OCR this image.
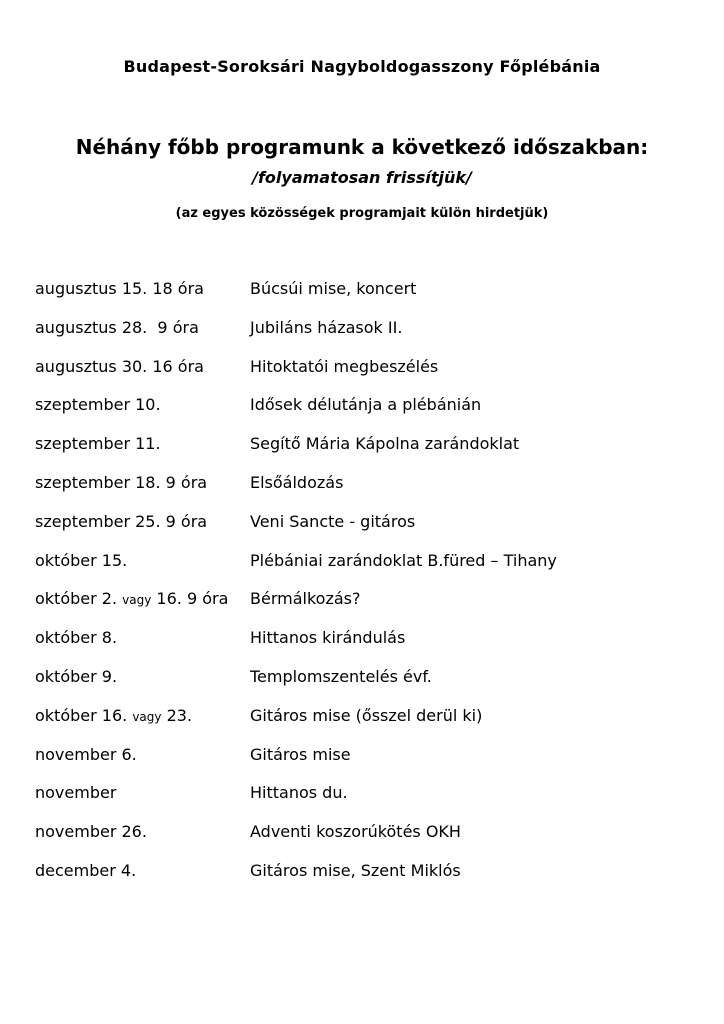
Budapest-Soroksári Nagyboldogasszony Főplébánia
Néhány főbb programunk a következő időszakban:
/folyamatosan frissítjük/
(az egyes közösségek programjait külön hirdetjük)
augusztus 15. 18 óra	Búcsúi mise, koncert
augusztus 28.  9 óra	Jubiláns házasok II.
augusztus 30. 16 óra	Hitoktatói megbeszélés
szeptember 10.	Idősek délutánja a plébánián
szeptember 11.	Segítő Mária Kápolna zarándoklat
szeptember 18. 9 óra	Elsőáldozás
szeptember 25. 9 óra	Veni Sancte - gitáros
október 15.	Plébániai zarándoklat B.füred – Tihany
október 2. vagy 16. 9 óra Bérmálkozás?
október 8.	Hittanos kirándulás
október 9.	Templomszentelés évf.
október 16. vagy 23.	Gitáros mise (ősszel derül ki)
november 6.	Gitáros mise
november	Hittanos du.
november 26.	Adventi koszorúkötés OKH
december 4.	Gitáros mise, Szent Miklós
